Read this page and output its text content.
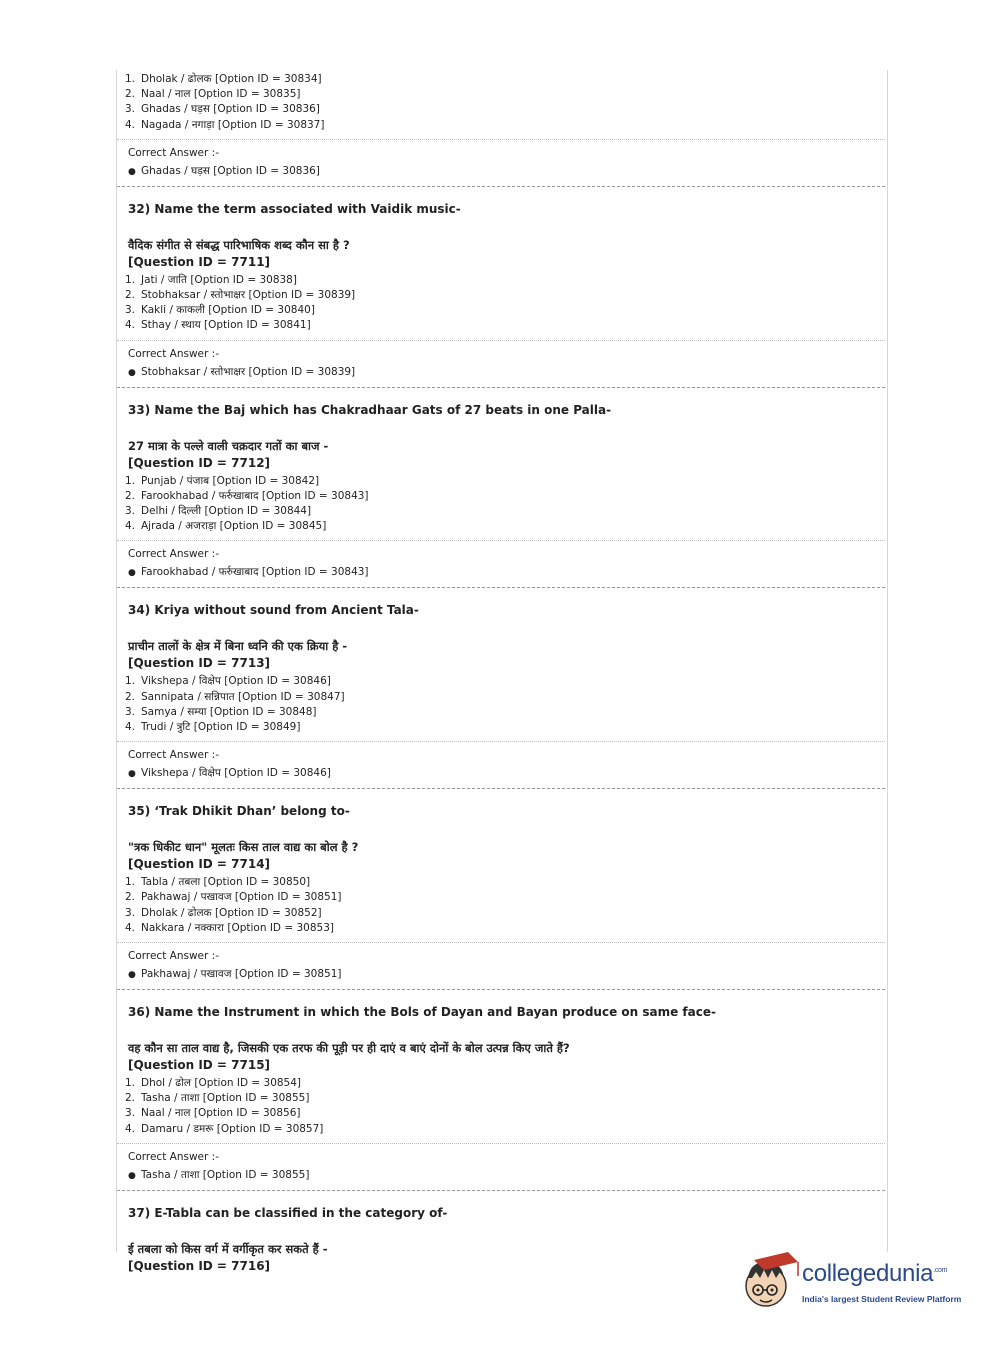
1. Dholak / ढोलक [Option ID = 30834]
2. Naal / नाल [Option ID = 30835]
3. Ghadas / घड़स [Option ID = 30836]
4. Nagada / नगाड़ा [Option ID = 30837]
Correct Answer :-
● Ghadas / घड़स [Option ID = 30836]
32) Name the term associated with Vaidik music-
वैदिक संगीत से संबद्ध पारिभाषिक शब्द कौन सा है ?
[Question ID = 7711]
1. Jati / जाति [Option ID = 30838]
2. Stobhaksar / स्तोभाक्षर [Option ID = 30839]
3. Kakli / काकली [Option ID = 30840]
4. Sthay / स्थाय [Option ID = 30841]
Correct Answer :-
● Stobhaksar / स्तोभाक्षर [Option ID = 30839]
33) Name the Baj which has Chakradhaar Gats of 27 beats in one Palla-
27 मात्रा के पल्ले वाली चक्रदार गतों का बाज -
[Question ID = 7712]
1. Punjab / पंजाब [Option ID = 30842]
2. Farookhabad / फर्रुखाबाद [Option ID = 30843]
3. Delhi / दिल्ली [Option ID = 30844]
4. Ajrada / अजराड़ा [Option ID = 30845]
Correct Answer :-
● Farookhabad / फर्रुखाबाद [Option ID = 30843]
34) Kriya without sound from Ancient Tala-
प्राचीन तालों के क्षेत्र में बिना ध्वनि की एक क्रिया है -
[Question ID = 7713]
1. Vikshepa / विक्षेप [Option ID = 30846]
2. Sannipata / सन्निपात [Option ID = 30847]
3. Samya / सम्या [Option ID = 30848]
4. Trudi / त्रुटि [Option ID = 30849]
Correct Answer :-
● Vikshepa / विक्षेप [Option ID = 30846]
35) ‘Trak Dhikit Dhan’ belong to-
"त्रक धिकीट धान" मूलतः किस ताल वाद्य का बोल है ?
[Question ID = 7714]
1. Tabla / तबला [Option ID = 30850]
2. Pakhawaj / पखावज [Option ID = 30851]
3. Dholak / ढोलक [Option ID = 30852]
4. Nakkara / नक्कारा [Option ID = 30853]
Correct Answer :-
● Pakhawaj / पखावज [Option ID = 30851]
36) Name the Instrument in which the Bols of Dayan and Bayan produce on same face-
वह कौन सा ताल वाद्य है, जिसकी एक तरफ की पूड़ी पर ही दाएं व बाएं दोनों के बोल उत्पन्न किए जाते हैं?
[Question ID = 7715]
1. Dhol / ढोल [Option ID = 30854]
2. Tasha / ताशा [Option ID = 30855]
3. Naal / नाल [Option ID = 30856]
4. Damaru / डमरू [Option ID = 30857]
Correct Answer :-
● Tasha / ताशा [Option ID = 30855]
37) E-Tabla can be classified in the category of-
ई तबला को किस वर्ग में वर्गीकृत कर सकते हैं -
[Question ID = 7716]	collegedunia$^{.com}$
India's largest Student Review Platform
